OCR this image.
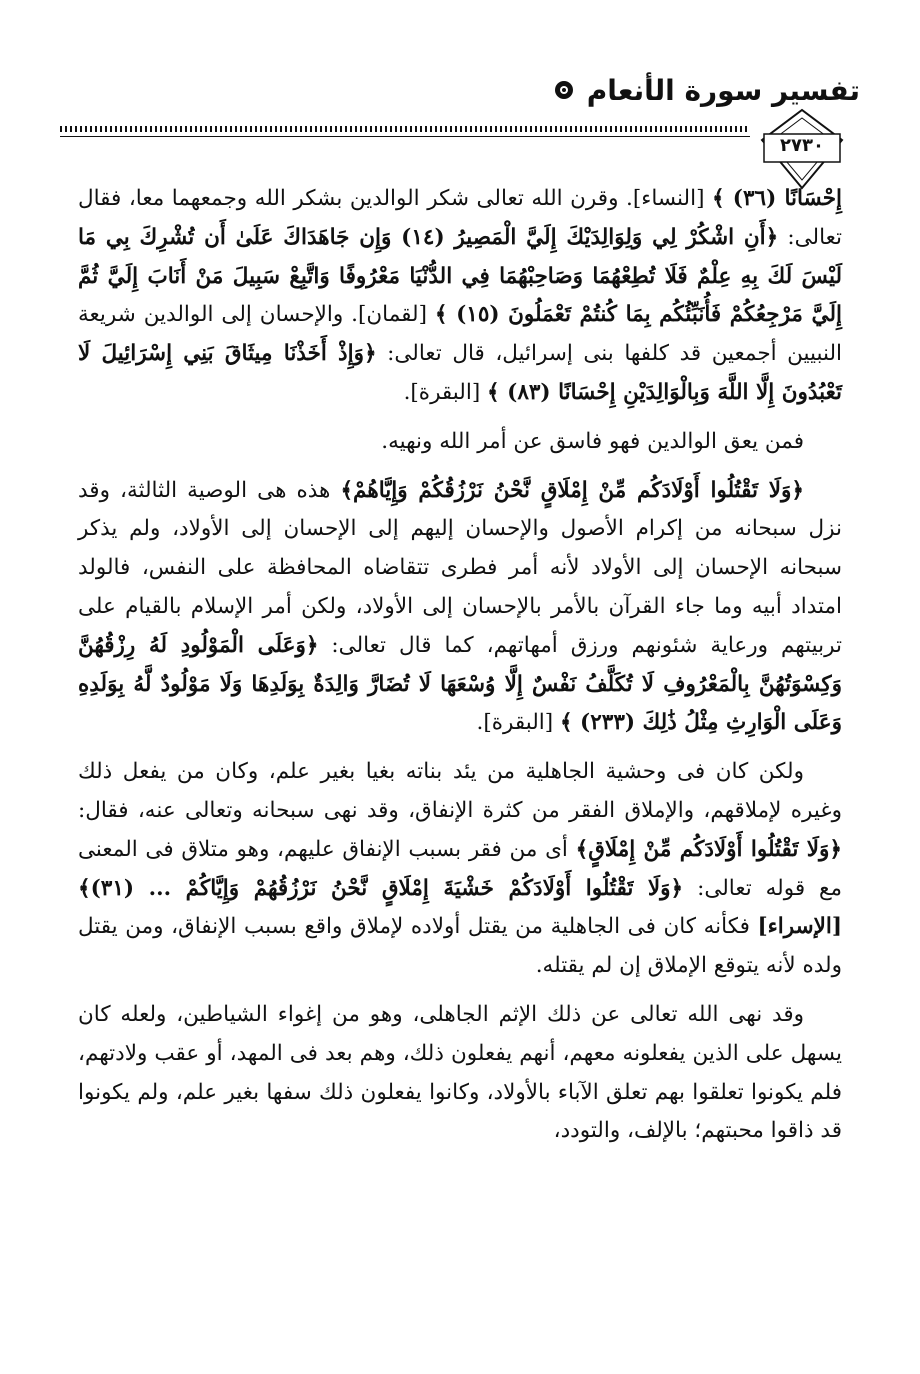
تفسير سورة الأنعام
٢٧٣٠

إِحْسَانًا (٣٦) ﴾ [النساء]. وقرن الله تعالى شكر الوالدين بشكر الله وجمعهما معا، فقال تعالى: ﴿أَنِ اشْكُرْ لِي وَلِوَالِدَيْكَ إِلَيَّ الْمَصِيرُ (١٤) وَإِن جَاهَدَاكَ عَلَىٰ أَن تُشْرِكَ بِي مَا لَيْسَ لَكَ بِهِ عِلْمٌ فَلَا تُطِعْهُمَا وَصَاحِبْهُمَا فِي الدُّنْيَا مَعْرُوفًا وَاتَّبِعْ سَبِيلَ مَنْ أَنَابَ إِلَيَّ ثُمَّ إِلَيَّ مَرْجِعُكُمْ فَأُنَبِّئُكُم بِمَا كُنتُمْ تَعْمَلُونَ (١٥) ﴾ [لقمان]. والإحسان إلى الوالدين شريعة النبيين أجمعين قد كلفها بنى إسرائيل، قال تعالى: ﴿وَإِذْ أَخَذْنَا مِيثَاقَ بَنِي إِسْرَائِيلَ لَا تَعْبُدُونَ إِلَّا اللَّهَ وَبِالْوَالِدَيْنِ إِحْسَانًا (٨٣) ﴾ [البقرة].

فمن يعق الوالدين فهو فاسق عن أمر الله ونهيه.

﴿وَلَا تَقْتُلُوا أَوْلَادَكُم مِّنْ إِمْلَاقٍ نَّحْنُ نَرْزُقُكُمْ وَإِيَّاهُمْ﴾ هذه هى الوصية الثالثة، وقد نزل سبحانه من إكرام الأصول والإحسان إليهم إلى الإحسان إلى الأولاد، ولم يذكر سبحانه الإحسان إلى الأولاد لأنه أمر فطرى تتقاضاه المحافظة على النفس، فالولد امتداد أبيه وما جاء القرآن بالأمر بالإحسان إلى الأولاد، ولكن أمر الإسلام بالقيام على تربيتهم ورعاية شئونهم ورزق أمهاتهم، كما قال تعالى: ﴿وَعَلَى الْمَوْلُودِ لَهُ رِزْقُهُنَّ وَكِسْوَتُهُنَّ بِالْمَعْرُوفِ لَا تُكَلَّفُ نَفْسٌ إِلَّا وُسْعَهَا لَا تُضَارَّ وَالِدَةٌ بِوَلَدِهَا وَلَا مَوْلُودٌ لَّهُ بِوَلَدِهِ وَعَلَى الْوَارِثِ مِثْلُ ذَٰلِكَ (٢٣٣) ﴾ [البقرة].

ولكن كان فى وحشية الجاهلية من يئد بناته بغيا بغير علم، وكان من يفعل ذلك وغيره لإملاقهم، والإملاق الفقر من كثرة الإنفاق، وقد نهى سبحانه وتعالى عنه، فقال: ﴿وَلَا تَقْتُلُوا أَوْلَادَكُم مِّنْ إِمْلَاقٍ﴾ أى من فقر بسبب الإنفاق عليهم، وهو متلاق فى المعنى مع قوله تعالى: ﴿وَلَا تَقْتُلُوا أَوْلَادَكُمْ خَشْيَةَ إِمْلَاقٍ نَّحْنُ نَرْزُقُهُمْ وَإِيَّاكُمْ ... (٣١)﴾ [الإسراء] فكأنه كان فى الجاهلية من يقتل أولاده لإملاق واقع بسبب الإنفاق، ومن يقتل ولده لأنه يتوقع الإملاق إن لم يقتله.

وقد نهى الله تعالى عن ذلك الإثم الجاهلى، وهو من إغواء الشياطين، ولعله كان يسهل على الذين يفعلونه معهم، أنهم يفعلون ذلك، وهم بعد فى المهد، أو عقب ولادتهم، فلم يكونوا تعلقوا بهم تعلق الآباء بالأولاد، وكانوا يفعلون ذلك سفها بغير علم، ولم يكونوا قد ذاقوا محبتهم؛ بالإلف، والتودد،
